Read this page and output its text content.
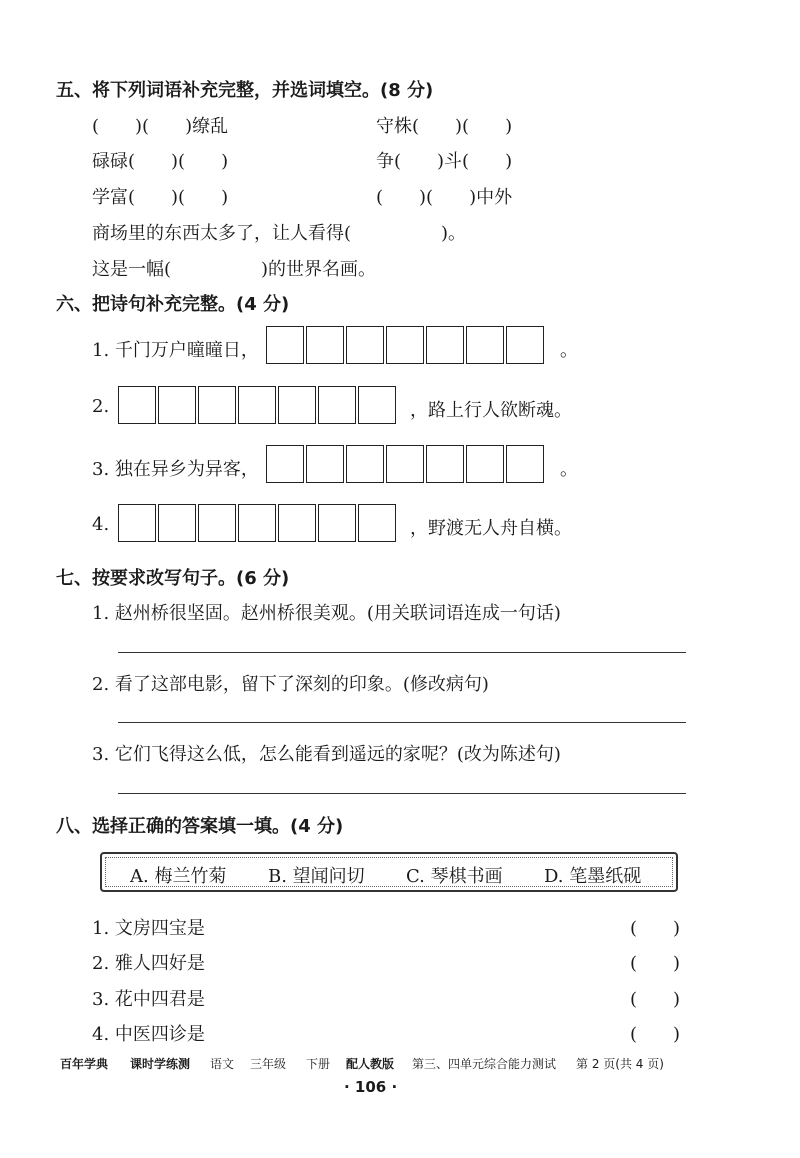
五、将下列词语补充完整，并选词填空。(8 分)
(　　)(　　)缭乱	守株(　　)(　　)
碌碌(　　)(　　)	争(　　)斗(　　)
学富(　　)(　　)	(　　)(　　)中外
商场里的东西太多了，让人看得(　　　　　)。
这是一幅(　　　　　)的世界名画。
六、把诗句补充完整。(4 分)
1. 千门万户曈曈日，	。
2.	，路上行人欲断魂。
3. 独在异乡为异客，	。
4.	，野渡无人舟自横。
七、按要求改写句子。(6 分)
1. 赵州桥很坚固。赵州桥很美观。(用关联词语连成一句话)
2. 看了这部电影，留下了深刻的印象。(修改病句)
3. 它们飞得这么低，怎么能看到遥远的家呢？(改为陈述句)
八、选择正确的答案填一填。(4 分)
A. 梅兰竹菊 B. 望闻问切 C. 琴棋书画 D. 笔墨纸砚
1. 文房四宝是	(　　)
2. 雅人四好是	(　　)
3. 花中四君是	(　　)
4. 中医四诊是	(　　)
百年学典 课时学练测 语文 三年级 下册 配人教版 第三、四单元综合能力测试 第 2 页(共 4 页)
· 106 ·
